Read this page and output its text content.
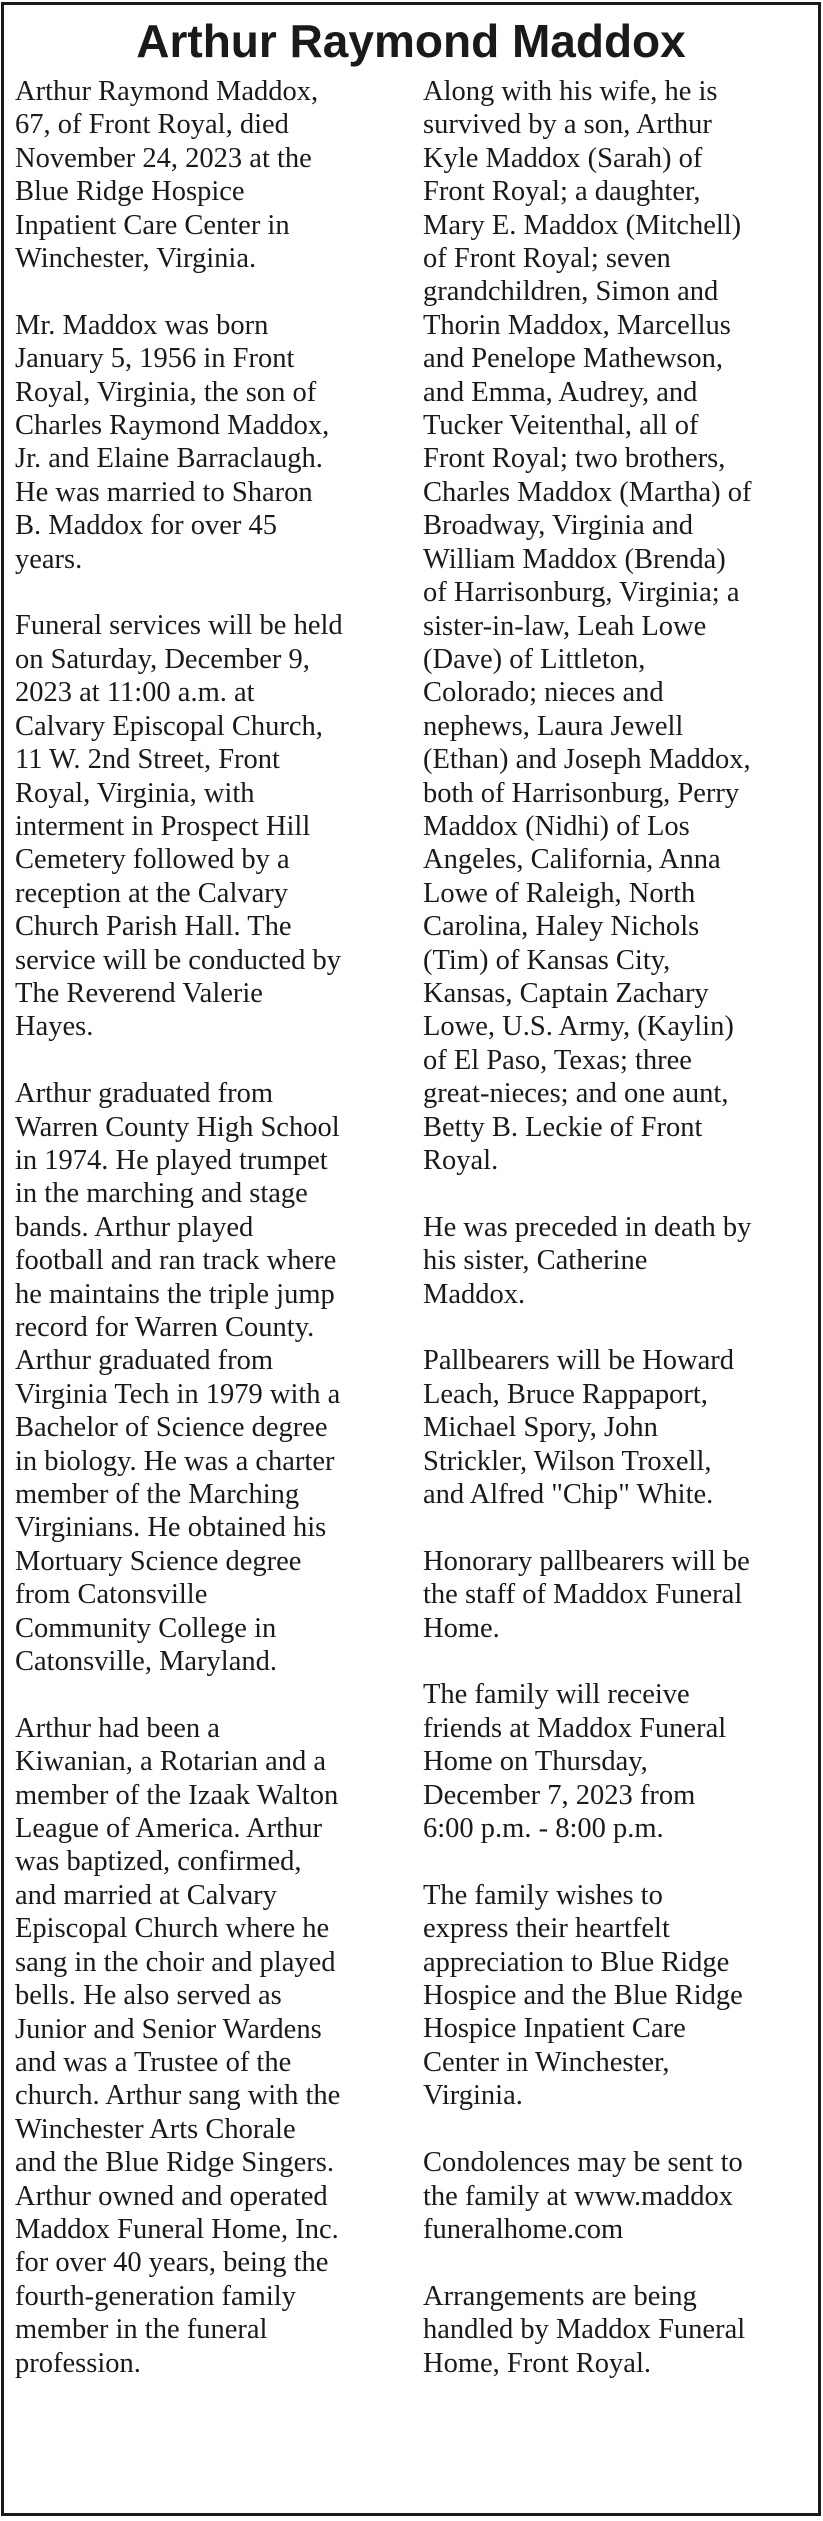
Arthur Raymond Maddox

Arthur Raymond Maddox,
67, of Front Royal, died
November 24, 2023 at the
Blue Ridge Hospice
Inpatient Care Center in
Winchester, Virginia.

Mr. Maddox was born
January 5, 1956 in Front
Royal, Virginia, the son of
Charles Raymond Maddox,
Jr. and Elaine Barraclaugh.
He was married to Sharon
B. Maddox for over 45
years.

Funeral services will be held
on Saturday, December 9,
2023 at 11:00 a.m. at
Calvary Episcopal Church,
11 W. 2nd Street, Front
Royal, Virginia, with
interment in Prospect Hill
Cemetery followed by a
reception at the Calvary
Church Parish Hall. The
service will be conducted by
The Reverend Valerie
Hayes.

Arthur graduated from
Warren County High School
in 1974. He played trumpet
in the marching and stage
bands. Arthur played
football and ran track where
he maintains the triple jump
record for Warren County.
Arthur graduated from
Virginia Tech in 1979 with a
Bachelor of Science degree
in biology. He was a charter
member of the Marching
Virginians. He obtained his
Mortuary Science degree
from Catonsville
Community College in
Catonsville, Maryland.

Arthur had been a
Kiwanian, a Rotarian and a
member of the Izaak Walton
League of America. Arthur
was baptized, confirmed,
and married at Calvary
Episcopal Church where he
sang in the choir and played
bells. He also served as
Junior and Senior Wardens
and was a Trustee of the
church. Arthur sang with the
Winchester Arts Chorale
and the Blue Ridge Singers.
Arthur owned and operated
Maddox Funeral Home, Inc.
for over 40 years, being the
fourth-generation family
member in the funeral
profession.

Along with his wife, he is
survived by a son, Arthur
Kyle Maddox (Sarah) of
Front Royal; a daughter,
Mary E. Maddox (Mitchell)
of Front Royal; seven
grandchildren, Simon and
Thorin Maddox, Marcellus
and Penelope Mathewson,
and Emma, Audrey, and
Tucker Veitenthal, all of
Front Royal; two brothers,
Charles Maddox (Martha) of
Broadway, Virginia and
William Maddox (Brenda)
of Harrisonburg, Virginia; a
sister-in-law, Leah Lowe
(Dave) of Littleton,
Colorado; nieces and
nephews, Laura Jewell
(Ethan) and Joseph Maddox,
both of Harrisonburg, Perry
Maddox (Nidhi) of Los
Angeles, California, Anna
Lowe of Raleigh, North
Carolina, Haley Nichols
(Tim) of Kansas City,
Kansas, Captain Zachary
Lowe, U.S. Army, (Kaylin)
of El Paso, Texas; three
great-nieces; and one aunt,
Betty B. Leckie of Front
Royal.

He was preceded in death by
his sister, Catherine
Maddox.

Pallbearers will be Howard
Leach, Bruce Rappaport,
Michael Spory, John
Strickler, Wilson Troxell,
and Alfred "Chip" White.

Honorary pallbearers will be
the staff of Maddox Funeral
Home.

The family will receive
friends at Maddox Funeral
Home on Thursday,
December 7, 2023 from
6:00 p.m. - 8:00 p.m.

The family wishes to
express their heartfelt
appreciation to Blue Ridge
Hospice and the Blue Ridge
Hospice Inpatient Care
Center in Winchester,
Virginia.

Condolences may be sent to
the family at www.maddox
funeralhome.com

Arrangements are being
handled by Maddox Funeral
Home, Front Royal.
